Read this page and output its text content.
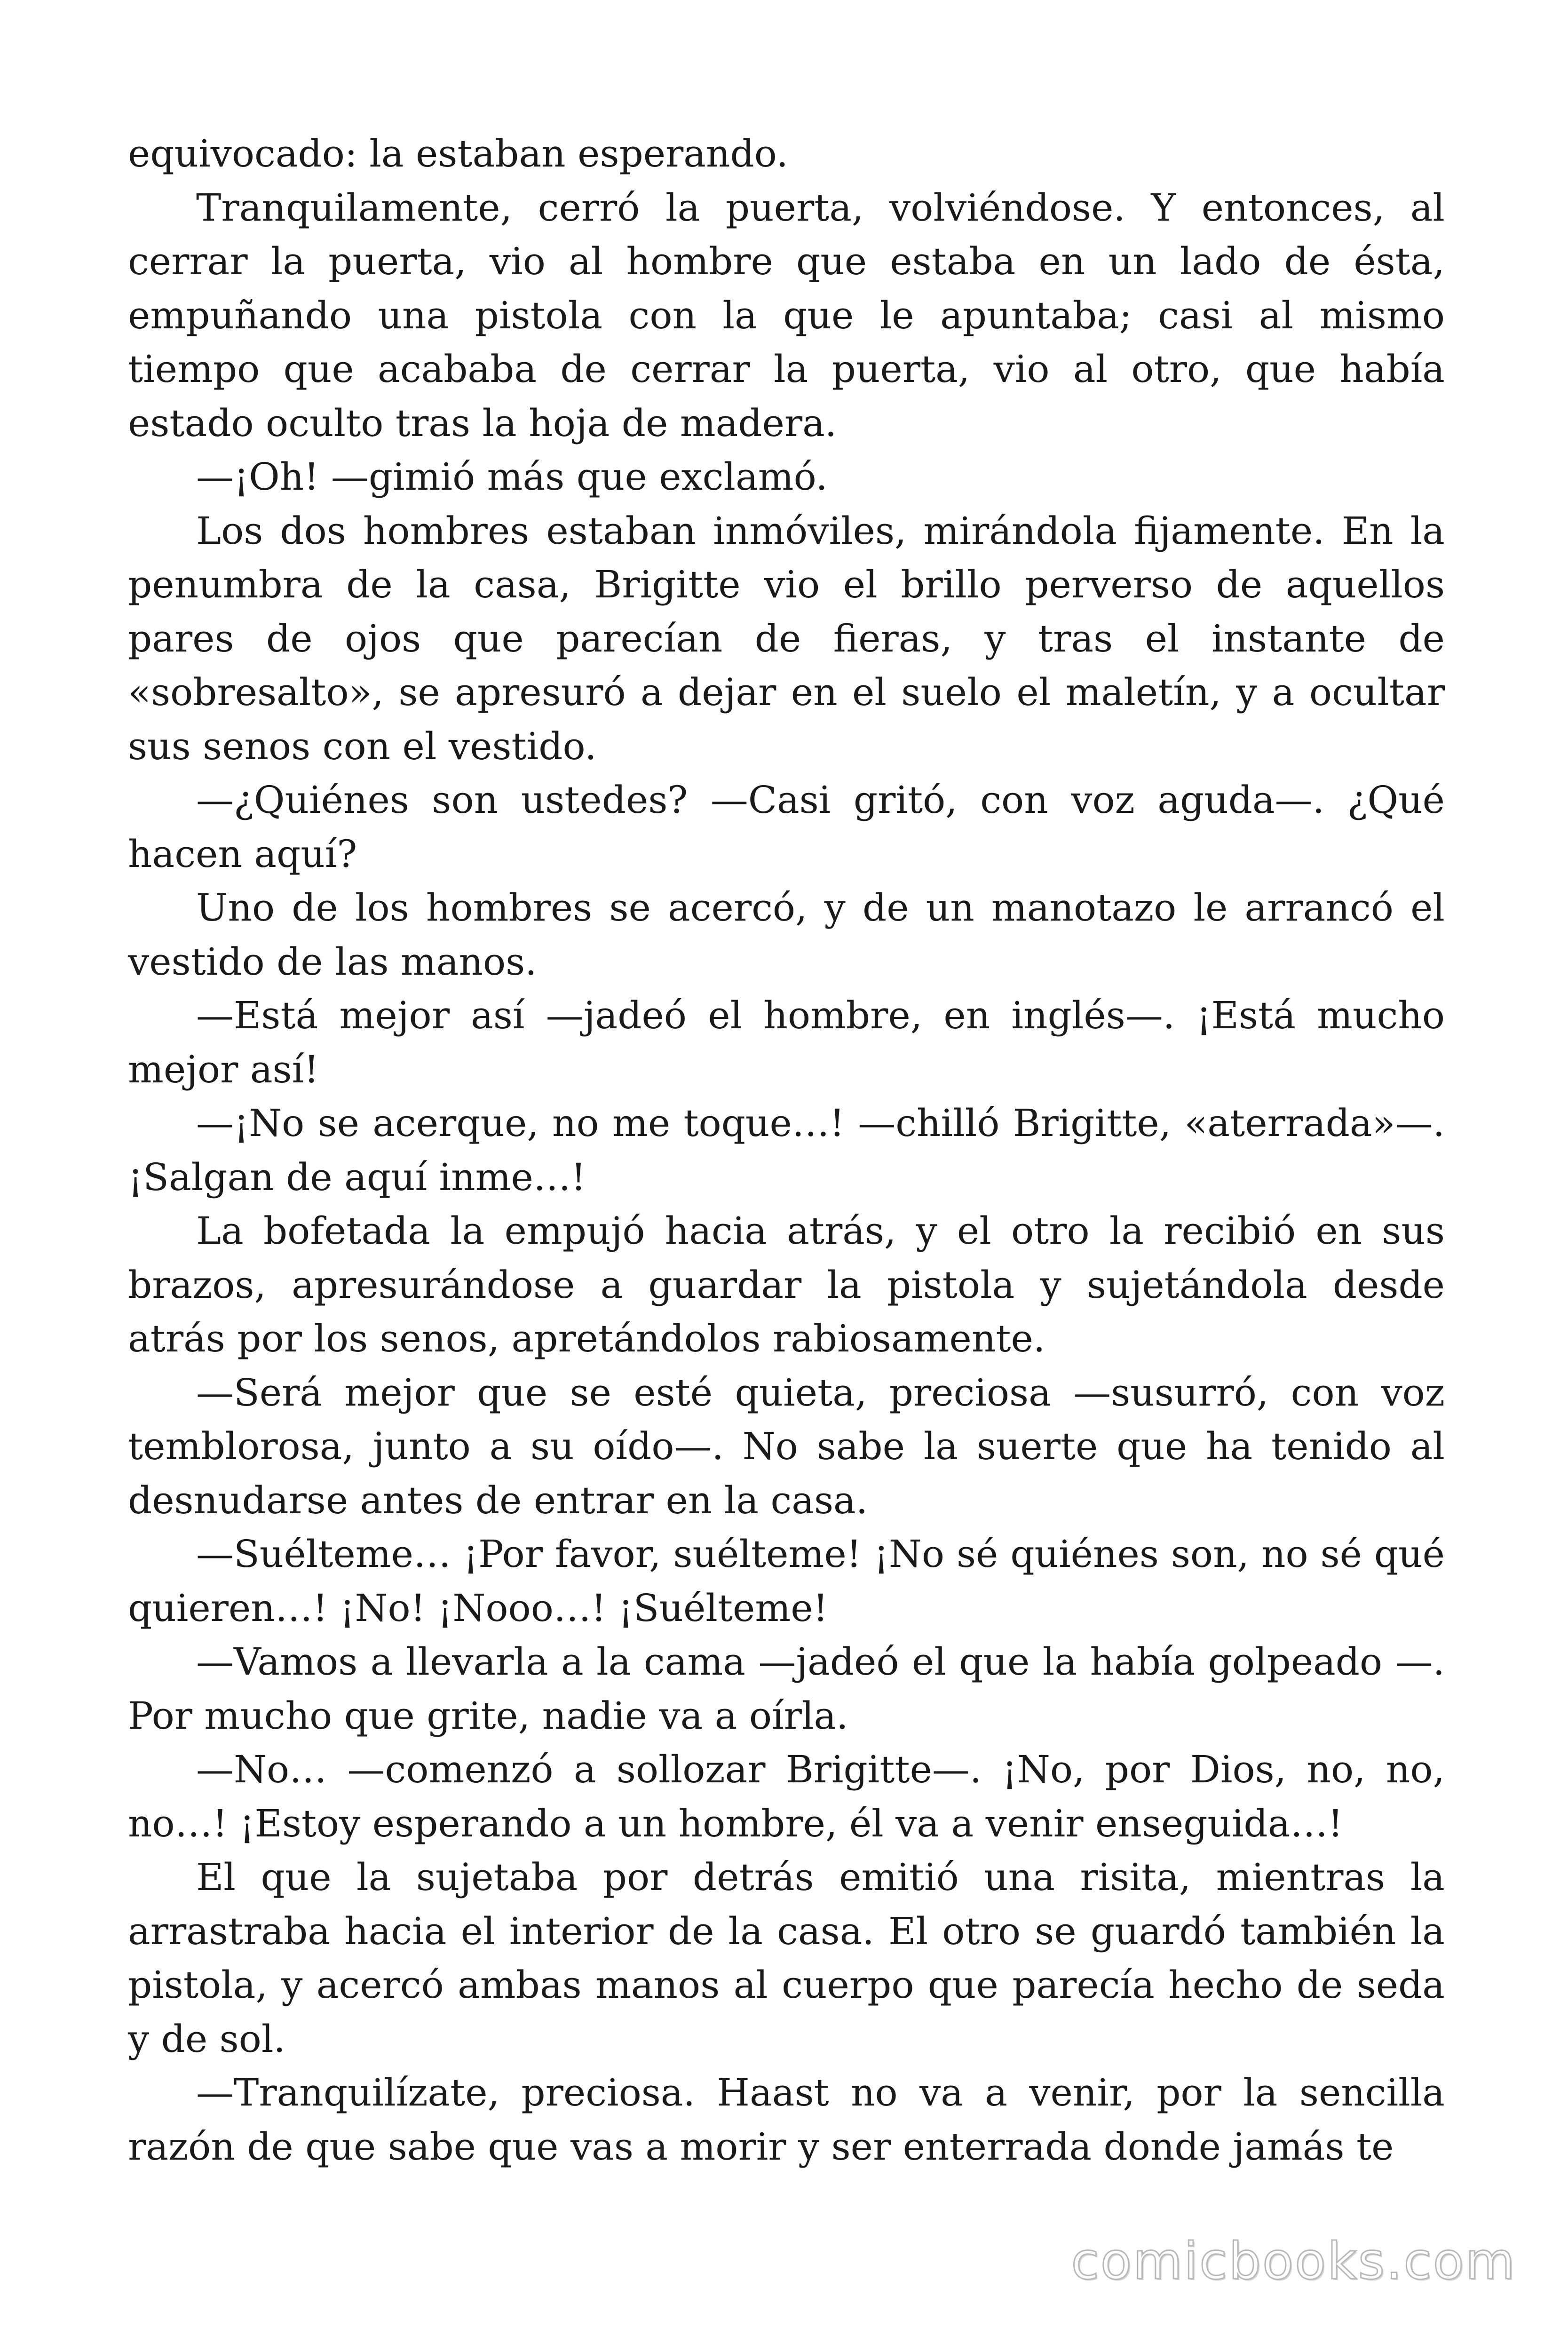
equivocado: la estaban esperando.

Tranquilamente, cerró la puerta, volviéndose. Y entonces, al cerrar la puerta, vio al hombre que estaba en un lado de ésta, empuñando una pistola con la que le apuntaba; casi al mismo tiempo que acababa de cerrar la puerta, vio al otro, que había estado oculto tras la hoja de madera.

—¡Oh! —gimió más que exclamó.

Los dos hombres estaban inmóviles, mirándola fijamente. En la penumbra de la casa, Brigitte vio el brillo perverso de aquellos pares de ojos que parecían de fieras, y tras el instante de «sobresalto», se apresuró a dejar en el suelo el maletín, y a ocultar sus senos con el vestido.

—¿Quiénes son ustedes? —Casi gritó, con voz aguda—. ¿Qué hacen aquí?

Uno de los hombres se acercó, y de un manotazo le arrancó el vestido de las manos.

—Está mejor así —jadeó el hombre, en inglés—. ¡Está mucho mejor así!

—¡No se acerque, no me toque…! —chilló Brigitte, «aterrada»—. ¡Salgan de aquí inme…!

La bofetada la empujó hacia atrás, y el otro la recibió en sus brazos, apresurándose a guardar la pistola y sujetándola desde atrás por los senos, apretándolos rabiosamente.

—Será mejor que se esté quieta, preciosa —susurró, con voz temblorosa, junto a su oído—. No sabe la suerte que ha tenido al desnudarse antes de entrar en la casa.

—Suélteme… ¡Por favor, suélteme! ¡No sé quiénes son, no sé qué quieren…! ¡No! ¡Nooo…! ¡Suélteme!

—Vamos a llevarla a la cama —jadeó el que la había golpeado —. Por mucho que grite, nadie va a oírla.

—No… —comenzó a sollozar Brigitte—. ¡No, por Dios, no, no, no…! ¡Estoy esperando a un hombre, él va a venir enseguida…!

El que la sujetaba por detrás emitió una risita, mientras la arrastraba hacia el interior de la casa. El otro se guardó también la pistola, y acercó ambas manos al cuerpo que parecía hecho de seda y de sol.

—Tranquilízate, preciosa. Haast no va a venir, por la sencilla razón de que sabe que vas a morir y ser enterrada donde jamás te

comicbooks.com
